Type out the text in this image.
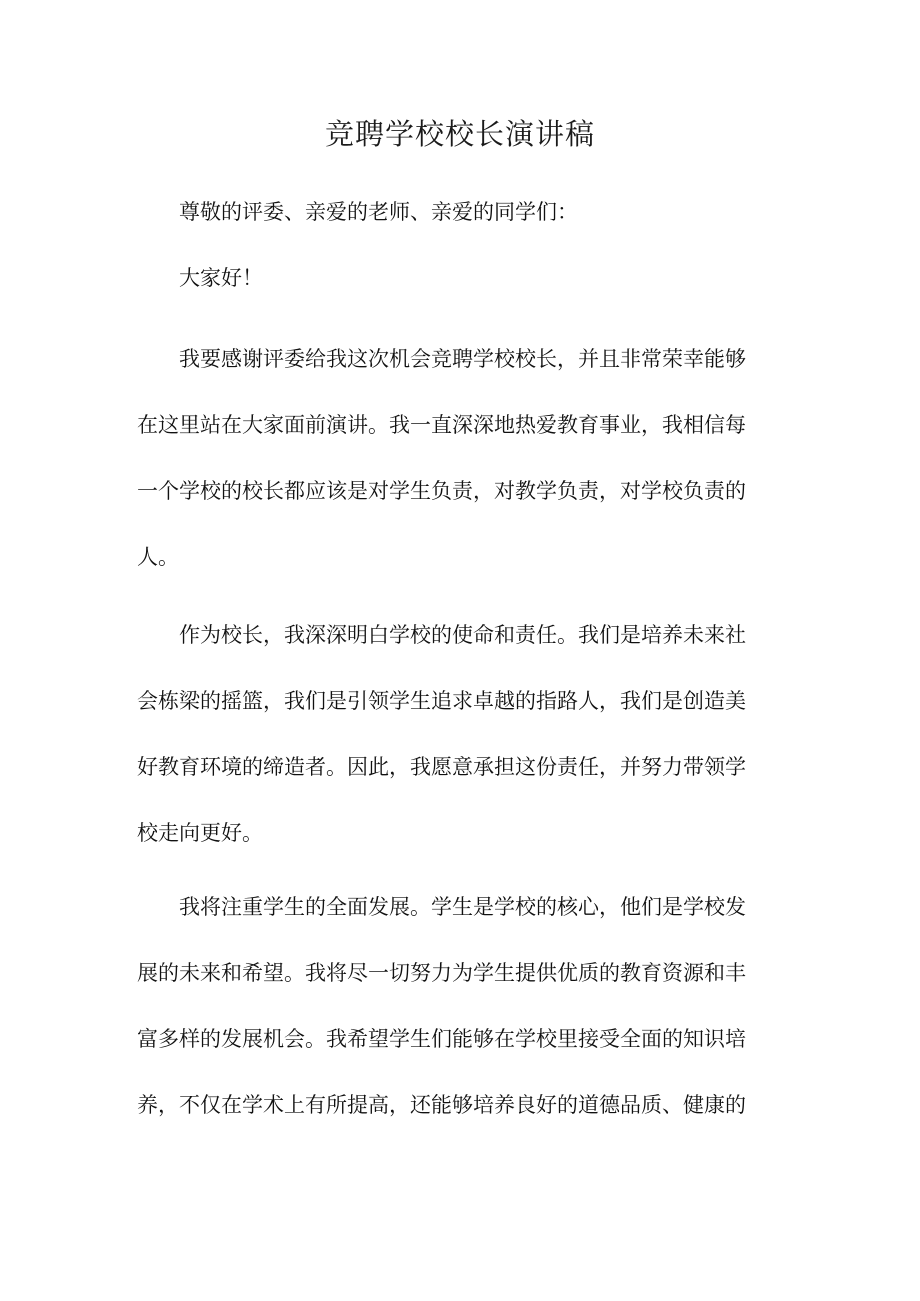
竞聘学校校长演讲稿
尊敬的评委、亲爱的老师、亲爱的同学们：
大家好！
我要感谢评委给我这次机会竞聘学校校长，并且非常荣幸能够
在这里站在大家面前演讲。我一直深深地热爱教育事业，我相信每
一个学校的校长都应该是对学生负责，对教学负责，对学校负责的
人。
作为校长，我深深明白学校的使命和责任。我们是培养未来社
会栋梁的摇篮，我们是引领学生追求卓越的指路人，我们是创造美
好教育环境的缔造者。因此，我愿意承担这份责任，并努力带领学
校走向更好。
我将注重学生的全面发展。学生是学校的核心，他们是学校发
展的未来和希望。我将尽一切努力为学生提供优质的教育资源和丰
富多样的发展机会。我希望学生们能够在学校里接受全面的知识培
养，不仅在学术上有所提高，还能够培养良好的道德品质、健康的
